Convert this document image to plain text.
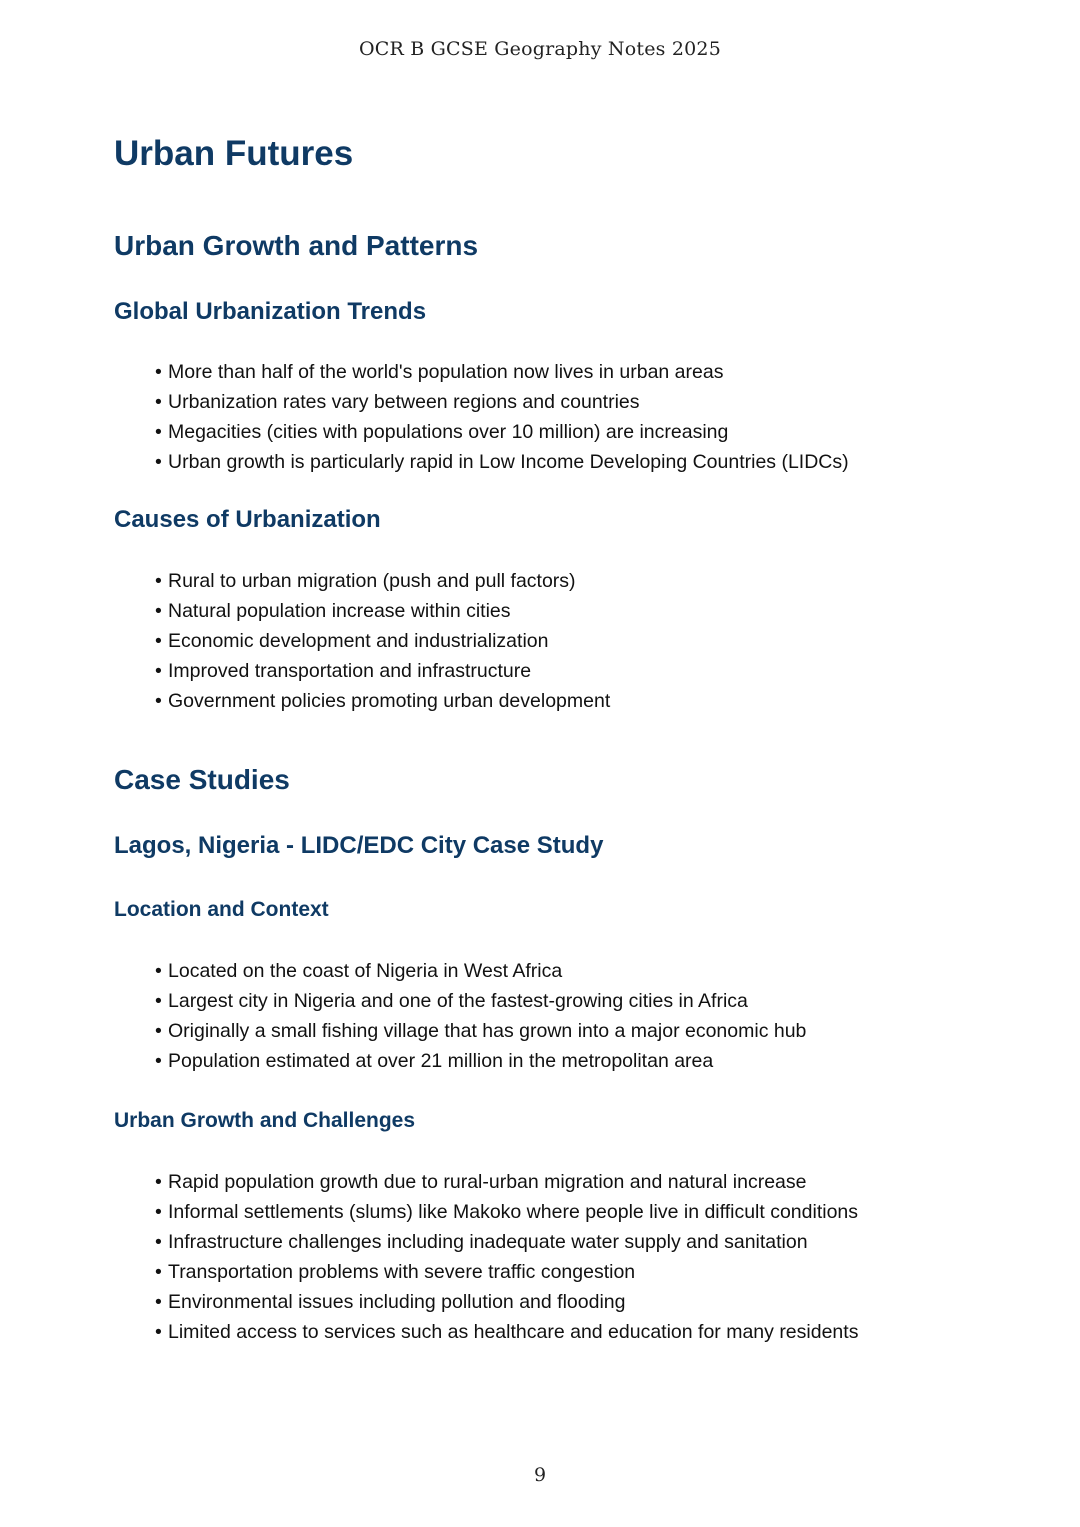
OCR B GCSE Geography Notes 2025
Urban Futures
Urban Growth and Patterns
Global Urbanization Trends
• More than half of the world's population now lives in urban areas
• Urbanization rates vary between regions and countries
• Megacities (cities with populations over 10 million) are increasing
• Urban growth is particularly rapid in Low Income Developing Countries (LIDCs)
Causes of Urbanization
• Rural to urban migration (push and pull factors)
• Natural population increase within cities
• Economic development and industrialization
• Improved transportation and infrastructure
• Government policies promoting urban development
Case Studies
Lagos, Nigeria - LIDC/EDC City Case Study
Location and Context
• Located on the coast of Nigeria in West Africa
• Largest city in Nigeria and one of the fastest-growing cities in Africa
• Originally a small fishing village that has grown into a major economic hub
• Population estimated at over 21 million in the metropolitan area
Urban Growth and Challenges
• Rapid population growth due to rural-urban migration and natural increase
• Informal settlements (slums) like Makoko where people live in difficult conditions
• Infrastructure challenges including inadequate water supply and sanitation
• Transportation problems with severe traffic congestion
• Environmental issues including pollution and flooding
• Limited access to services such as healthcare and education for many residents
9
